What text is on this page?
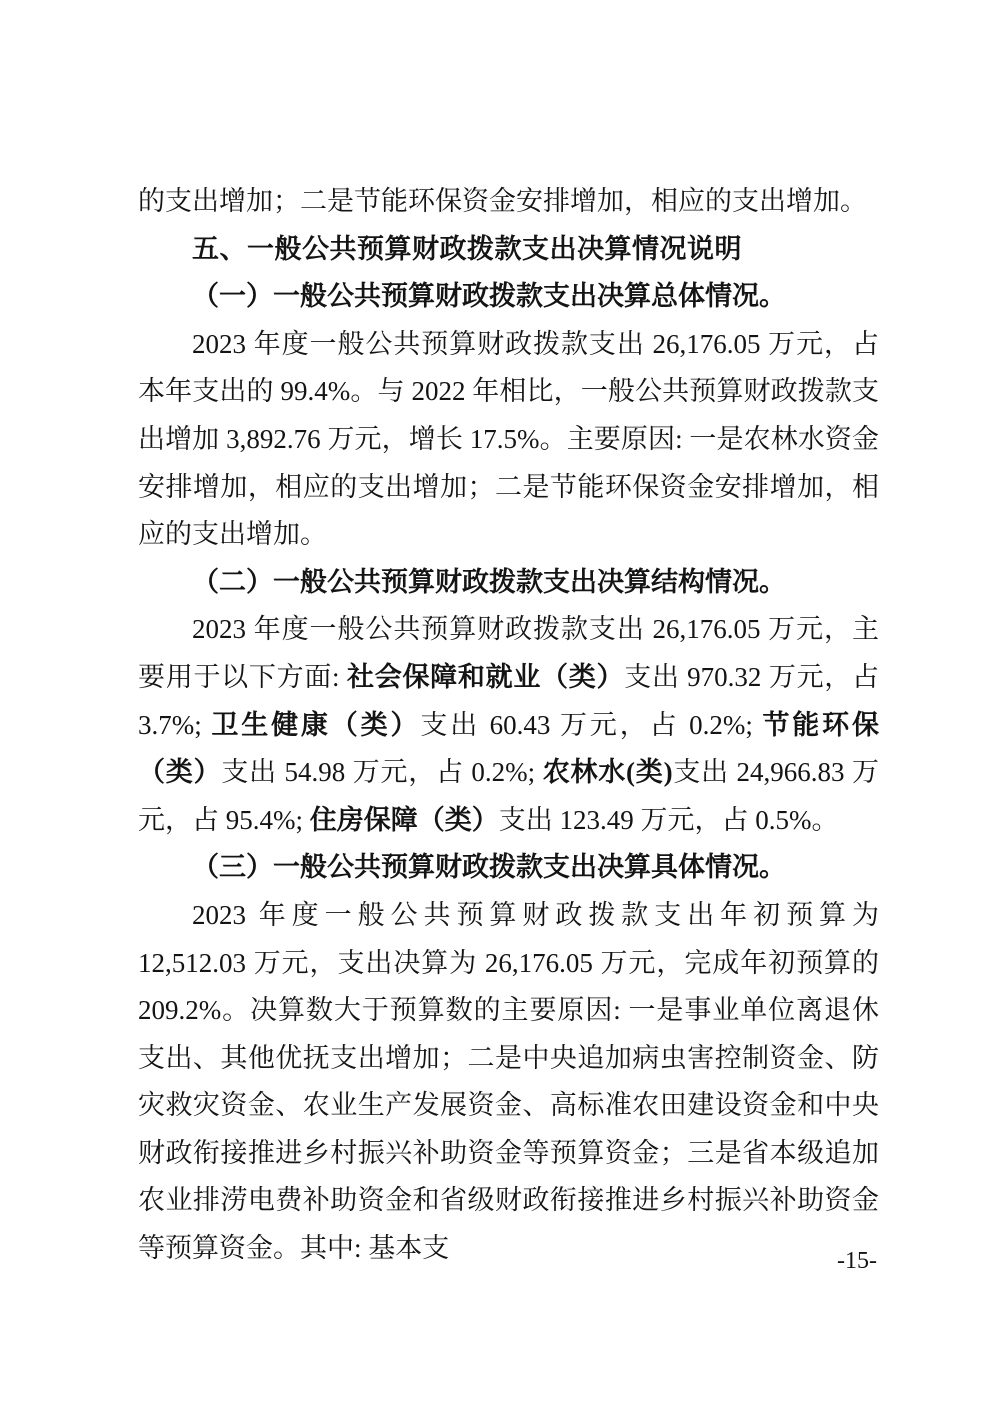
的支出增加；二是节能环保资金安排增加，相应的支出增加。

五、一般公共预算财政拨款支出决算情况说明

（一）一般公共预算财政拨款支出决算总体情况。

2023 年度一般公共预算财政拨款支出 26,176.05 万元，占本年支出的 99.4%。与 2022 年相比，一般公共预算财政拨款支出增加 3,892.76 万元，增长 17.5%。主要原因: 一是农林水资金安排增加，相应的支出增加；二是节能环保资金安排增加，相应的支出增加。

（二）一般公共预算财政拨款支出决算结构情况。

2023 年度一般公共预算财政拨款支出 26,176.05 万元，主要用于以下方面: 社会保障和就业（类）支出 970.32 万元，占 3.7%; 卫生健康（类）支出 60.43 万元，占 0.2%; 节能环保（类）支出 54.98 万元，占 0.2%; 农林水(类)支出 24,966.83 万元，占 95.4%; 住房保障（类）支出 123.49 万元，占 0.5%。

（三）一般公共预算财政拨款支出决算具体情况。

2023 年度一般公共预算财政拨款支出年初预算为 12,512.03 万元，支出决算为 26,176.05 万元，完成年初预算的 209.2%。决算数大于预算数的主要原因: 一是事业单位离退休支出、其他优抚支出增加；二是中央追加病虫害控制资金、防灾救灾资金、农业生产发展资金、高标准农田建设资金和中央财政衔接推进乡村振兴补助资金等预算资金；三是省本级追加农业排涝电费补助资金和省级财政衔接推进乡村振兴补助资金等预算资金。其中: 基本支	-15-
